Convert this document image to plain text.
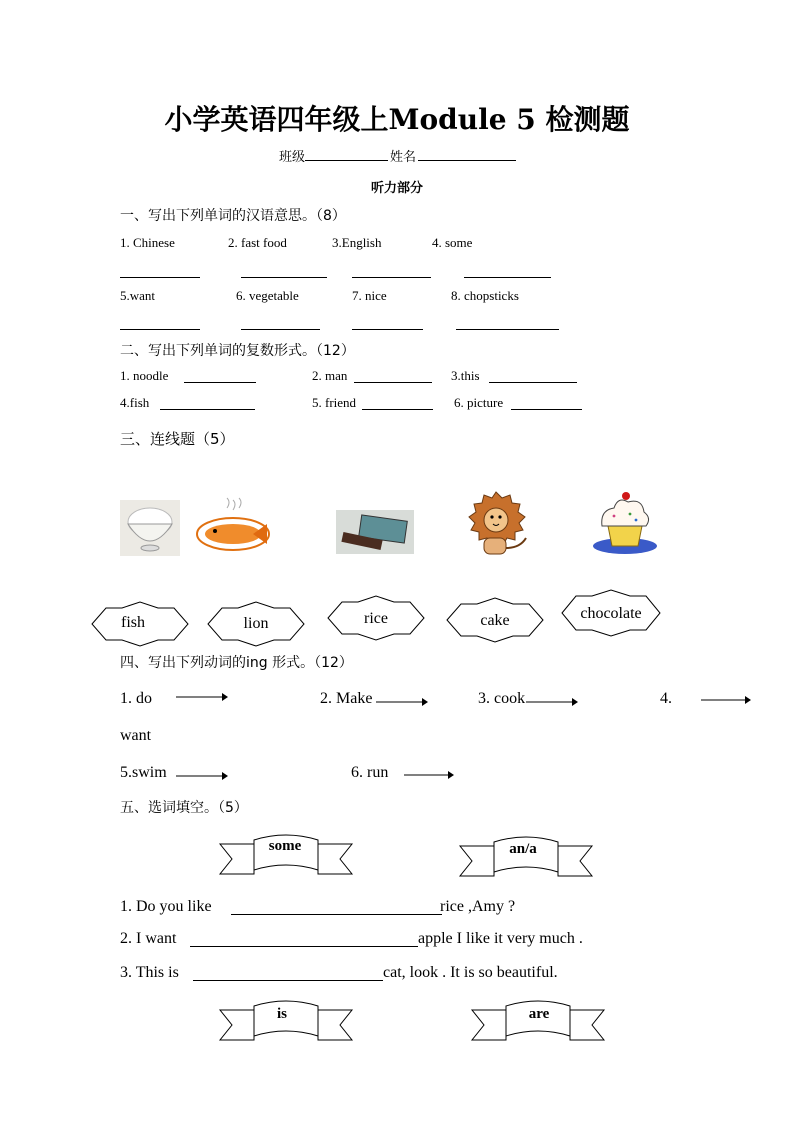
小学英语四年级上Module 5 检测题
班级	姓名
听力部分
一、写出下列单词的汉语意思。（8）
1. Chinese	2. fast food	3.English	4. some
5.want	6. vegetable	7. nice	8. chopsticks
二、写出下列单词的复数形式。（12）
1. noodle	2. man	3.this
4.fish	5. friend	6. picture
三、连线题（5）
fish	lion	rice	cake	chocolate
四、写出下列动词的ing 形式。（12）
1. do	2. Make	3. cook	4.
want
5.swim	6. run
五、选词填空。（5）
some	an/a
1. Do you like	rice ,Amy ?
2. I want	apple I like it very much .
3. This is	cat, look . It is so beautiful.
is	are
